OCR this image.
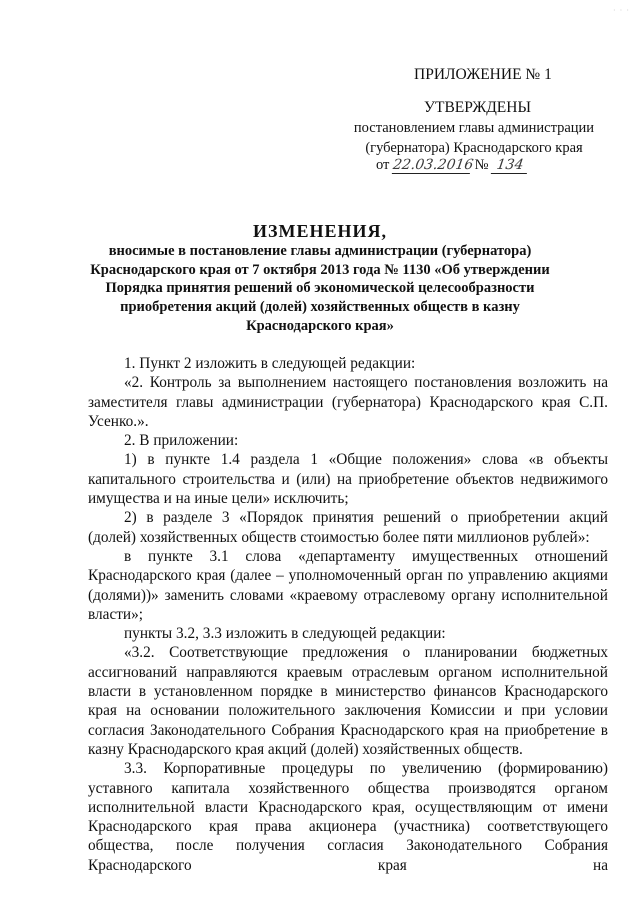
· · ·
ПРИЛОЖЕНИЕ № 1
УТВЕРЖДЕНЫ
постановлением главы администрации
(губернатора) Краснодарского края
от 22.03.2016 № 134
ИЗМЕНЕНИЯ,
вносимые в постановление главы администрации (губернатора) Краснодарского края от 7 октября 2013 года № 1130 «Об утверждении Порядка принятия решений об экономической целесообразности приобретения акций (долей) хозяйственных обществ в казну Краснодарского края»

1. Пункт 2 изложить в следующей редакции:

«2. Контроль за выполнением настоящего постановления возложить на заместителя главы администрации (губернатора) Краснодарского края С.П. Усенко.».

2. В приложении:

1) в пункте 1.4 раздела 1 «Общие положения» слова «в объекты капитального строительства и (или) на приобретение объектов недвижимого имущества и на иные цели» исключить;

2) в разделе 3 «Порядок принятия решений о приобретении акций (долей) хозяйственных обществ стоимостью более пяти миллионов рублей»:

в пункте 3.1 слова «департаменту имущественных отношений Краснодарского края (далее – уполномоченный орган по управлению акциями (долями))» заменить словами «краевому отраслевому органу исполнительной власти»;

пункты 3.2, 3.3 изложить в следующей редакции:

«3.2. Соответствующие предложения о планировании бюджетных ассигнований направляются краевым отраслевым органом исполнительной власти в установленном порядке в министерство финансов Краснодарского края на основании положительного заключения Комиссии и при условии согласия Законодательного Собрания Краснодарского края на приобретение в казну Краснодарского края акций (долей) хозяйственных обществ.

3.3. Корпоративные процедуры по увеличению (формированию) уставного капитала хозяйственного общества производятся органом исполнительной власти Краснодарского края, осуществляющим от имени Краснодарского края права акционера (участника) соответствующего общества, после получения согласия Законодательного Собрания Краснодарского края на
